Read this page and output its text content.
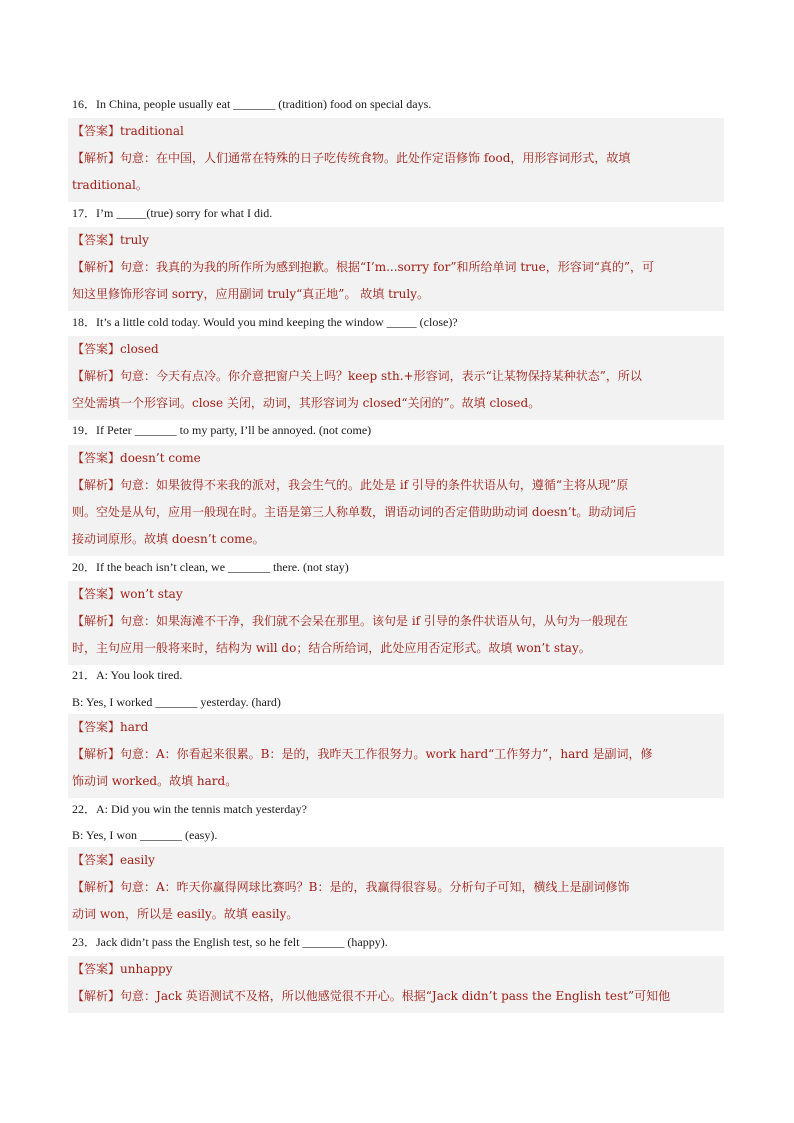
16．In China, people usually eat _______ (tradition) food on special days.
【答案】traditional
【解析】句意：在中国，人们通常在特殊的日子吃传统食物。此处作定语修饰 food，用形容词形式，故填
traditional。
17．I’m _____(true) sorry for what I did.
【答案】truly
【解析】句意：我真的为我的所作所为感到抱歉。根据“I’m...sorry for”和所给单词 true，形容词“真的”，可
知这里修饰形容词 sorry，应用副词 truly“真正地”。 故填 truly。
18．It’s a little cold today. Would you mind keeping the window _____ (close)?
【答案】closed
【解析】句意：今天有点冷。你介意把窗户关上吗？keep sth.+形容词，表示“让某物保持某种状态”，所以
空处需填一个形容词。close 关闭，动词，其形容词为 closed“关闭的”。故填 closed。
19．If Peter _______ to my party, I’ll be annoyed. (not come)
【答案】doesn’t come
【解析】句意：如果彼得不来我的派对，我会生气的。此处是 if 引导的条件状语从句，遵循“主将从现”原
则。空处是从句，应用一般现在时。主语是第三人称单数，谓语动词的否定借助助动词 doesn’t。助动词后
接动词原形。故填 doesn’t come。
20．If the beach isn’t clean, we _______ there. (not stay)
【答案】won’t stay
【解析】句意：如果海滩不干净，我们就不会呆在那里。该句是 if 引导的条件状语从句，从句为一般现在
时，主句应用一般将来时，结构为 will do；结合所给词，此处应用否定形式。故填 won’t stay。
21．A: You look tired.
B: Yes, I worked _______ yesterday. (hard)
【答案】hard
【解析】句意：A：你看起来很累。B：是的，我昨天工作很努力。work hard“工作努力”，hard 是副词，修
饰动词 worked。故填 hard。
22．A: Did you win the tennis match yesterday?
B: Yes, I won _______ (easy).
【答案】easily
【解析】句意：A：昨天你赢得网球比赛吗？B：是的，我赢得很容易。分析句子可知，横线上是副词修饰
动词 won，所以是 easily。故填 easily。
23．Jack didn’t pass the English test, so he felt _______ (happy).
【答案】unhappy
【解析】句意：Jack 英语测试不及格，所以他感觉很不开心。根据“Jack didn’t pass the English test”可知他
